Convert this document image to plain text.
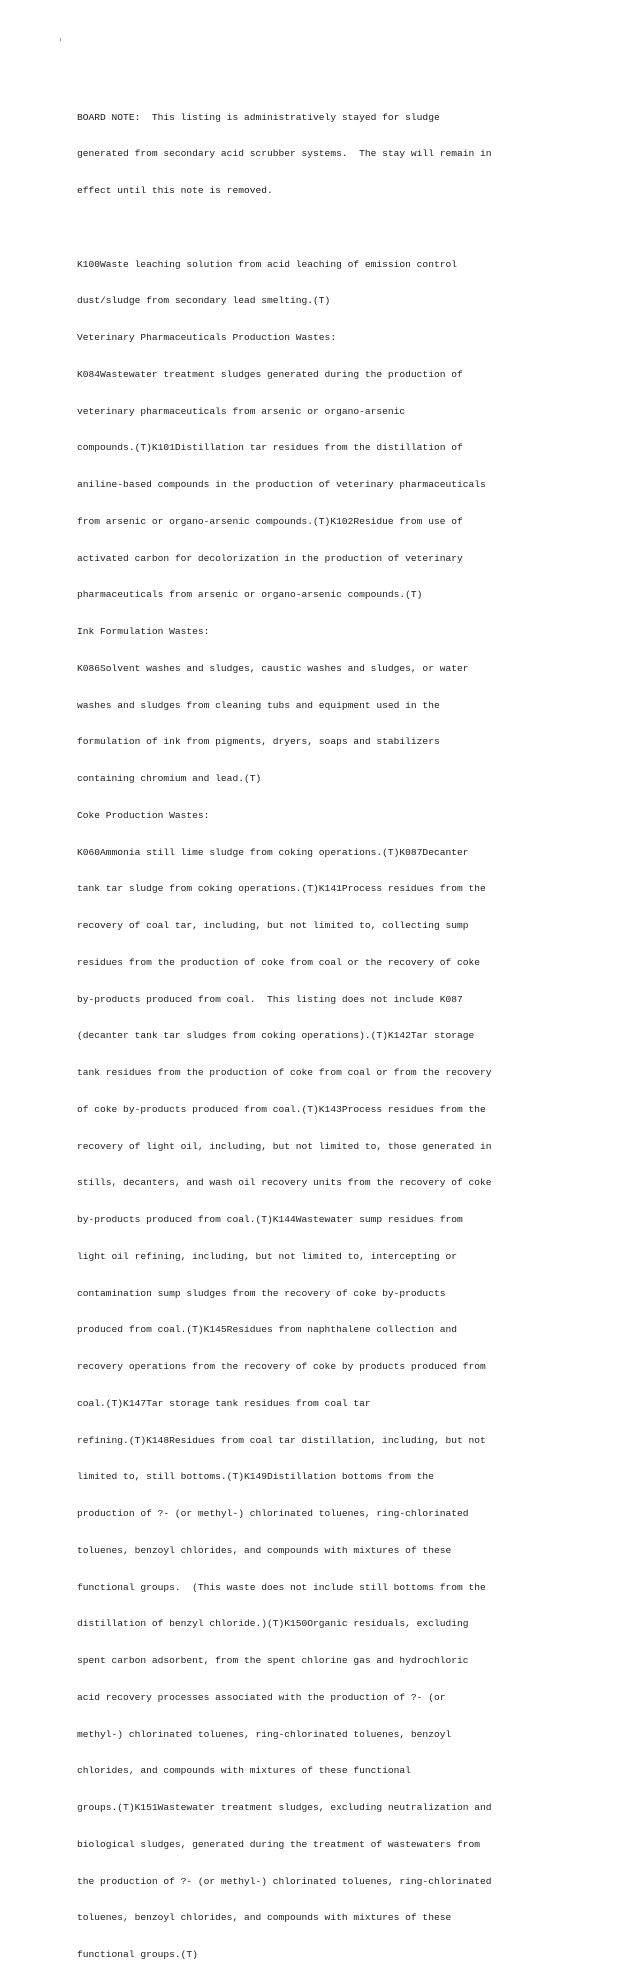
BOARD NOTE:  This listing is administratively stayed for sludge

generated from secondary acid scrubber systems.  The stay will remain in

effect until this note is removed.

K100Waste leaching solution from acid leaching of emission control

dust/sludge from secondary lead smelting.(T)

Veterinary Pharmaceuticals Production Wastes:

K084Wastewater treatment sludges generated during the production of

veterinary pharmaceuticals from arsenic or organo-arsenic

compounds.(T)K101Distillation tar residues from the distillation of

aniline-based compounds in the production of veterinary pharmaceuticals

from arsenic or organo-arsenic compounds.(T)K102Residue from use of

activated carbon for decolorization in the production of veterinary

pharmaceuticals from arsenic or organo-arsenic compounds.(T)

Ink Formulation Wastes:

K086Solvent washes and sludges, caustic washes and sludges, or water

washes and sludges from cleaning tubs and equipment used in the

formulation of ink from pigments, dryers, soaps and stabilizers

containing chromium and lead.(T)

Coke Production Wastes:

K060Ammonia still lime sludge from coking operations.(T)K087Decanter

tank tar sludge from coking operations.(T)K141Process residues from the

recovery of coal tar, including, but not limited to, collecting sump

residues from the production of coke from coal or the recovery of coke

by-products produced from coal.  This listing does not include K087

(decanter tank tar sludges from coking operations).(T)K142Tar storage

tank residues from the production of coke from coal or from the recovery

of coke by-products produced from coal.(T)K143Process residues from the

recovery of light oil, including, but not limited to, those generated in

stills, decanters, and wash oil recovery units from the recovery of coke

by-products produced from coal.(T)K144Wastewater sump residues from

light oil refining, including, but not limited to, intercepting or

contamination sump sludges from the recovery of coke by-products

produced from coal.(T)K145Residues from naphthalene collection and

recovery operations from the recovery of coke by products produced from

coal.(T)K147Tar storage tank residues from coal tar

refining.(T)K148Residues from coal tar distillation, including, but not

limited to, still bottoms.(T)K149Distillation bottoms from the

production of ?- (or methyl-) chlorinated toluenes, ring-chlorinated

toluenes, benzoyl chlorides, and compounds with mixtures of these

functional groups.  (This waste does not include still bottoms from the

distillation of benzyl chloride.)(T)K150Organic residuals, excluding

spent carbon adsorbent, from the spent chlorine gas and hydrochloric

acid recovery processes associated with the production of ?- (or

methyl-) chlorinated toluenes, ring-chlorinated toluenes, benzoyl

chlorides, and compounds with mixtures of these functional

groups.(T)K151Wastewater treatment sludges, excluding neutralization and

biological sludges, generated during the treatment of wastewaters from

the production of ?- (or methyl-) chlorinated toluenes, ring-chlorinated

toluenes, benzoyl chlorides, and compounds with mixtures of these

functional groups.(T)
